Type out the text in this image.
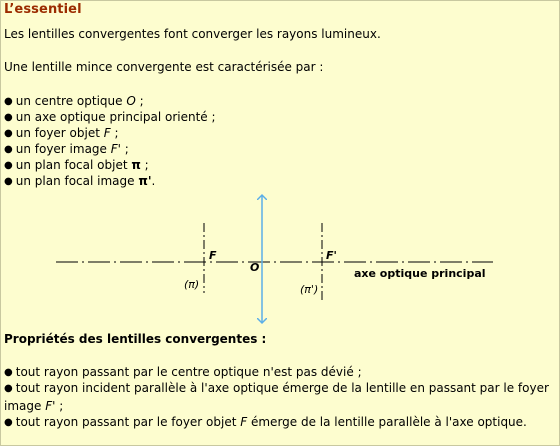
L’essentiel
Les lentilles convergentes font converger les rayons lumineux.
Une lentille mince convergente est caractérisée par :
● un centre optique O ;
● un axe optique principal orienté ;
● un foyer objet F ;
● un foyer image F' ;
● un plan focal objet π ;
● un plan focal image π'.
F
O
F'
axe optique principal
(π)	(π')
Propriétés des lentilles convergentes :
● tout rayon passant par le centre optique n'est pas dévié ;
● tout rayon incident parallèle à l'axe optique émerge de la lentille en passant par le foyer image F' ;
● tout rayon passant par le foyer objet F émerge de la lentille parallèle à l'axe optique.
